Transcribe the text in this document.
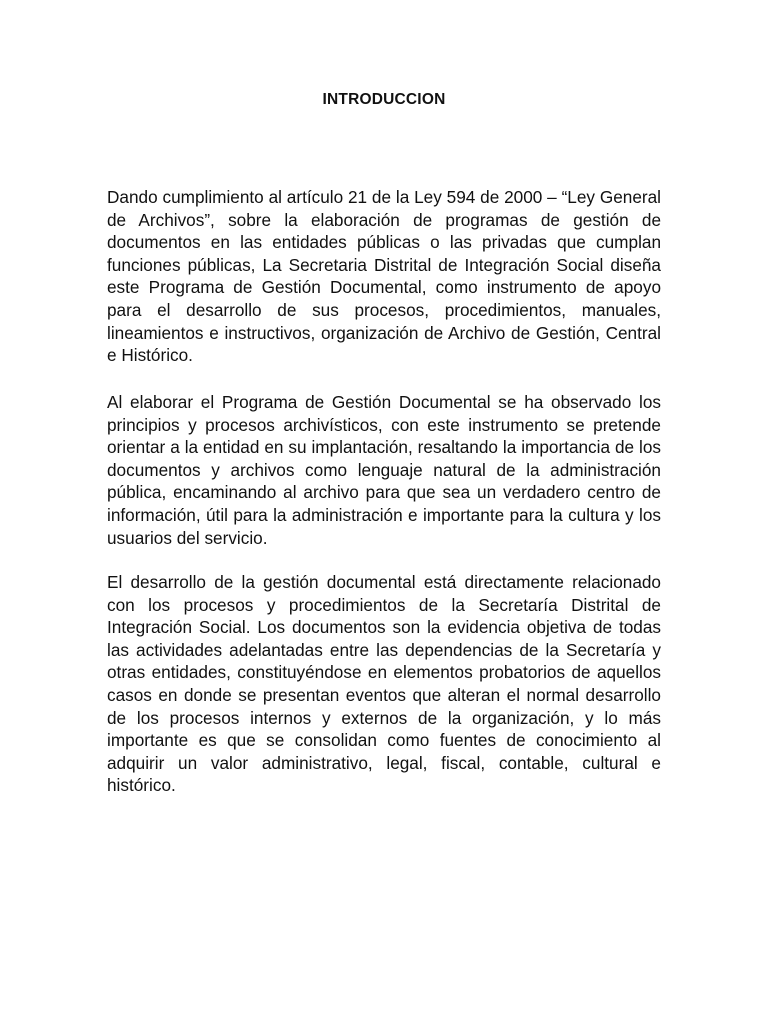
INTRODUCCION

Dando cumplimiento al artículo 21 de la Ley 594 de 2000 – “Ley General de Archivos”, sobre la elaboración de programas de gestión de documentos en las entidades públicas o las privadas que cumplan funciones públicas, La Secretaria Distrital de Integración Social diseña este Programa de Gestión Documental, como instrumento de apoyo para el desarrollo de sus procesos, procedimientos, manuales, lineamientos e instructivos, organización de Archivo de Gestión, Central e Histórico.

Al elaborar el Programa de Gestión Documental se ha observado los principios y procesos archivísticos, con este instrumento se pretende orientar a la entidad en su implantación, resaltando la importancia de los documentos y archivos como lenguaje natural de la administración pública, encaminando al archivo para que sea un verdadero centro de información, útil para la administración e importante para la cultura y los usuarios del servicio.

El desarrollo de la gestión documental está directamente relacionado con los procesos y procedimientos de la Secretaría Distrital de Integración Social. Los documentos son la evidencia objetiva de todas las actividades adelantadas entre las dependencias de la Secretaría y otras entidades, constituyéndose en elementos probatorios de aquellos casos en donde se presentan eventos que alteran el normal desarrollo de los procesos internos y externos de la organización, y lo más importante es que se consolidan como fuentes de conocimiento al adquirir un valor administrativo, legal, fiscal, contable, cultural e histórico.
